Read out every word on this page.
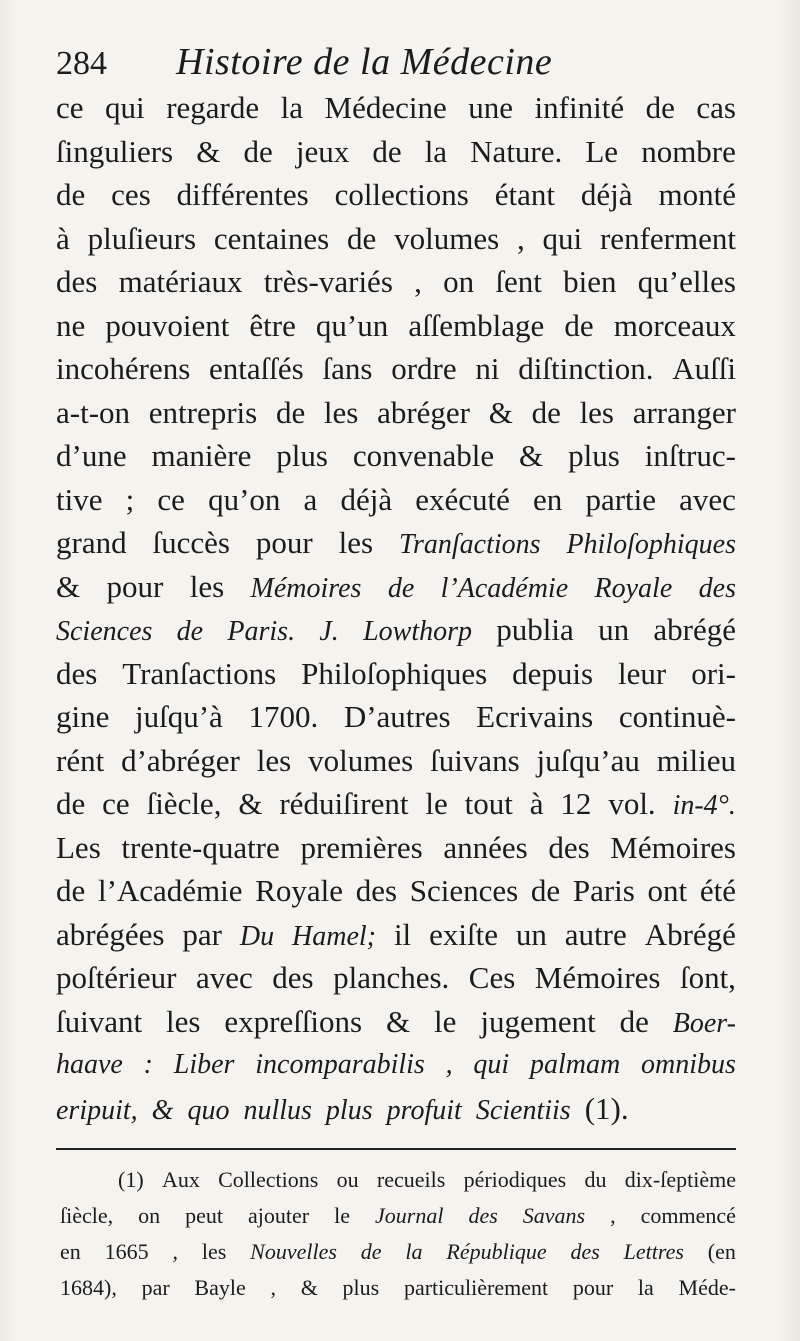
284	Histoire de la Médecine
ce qui regarde la Médecine une infinité de cas
ſinguliers & de jeux de la Nature. Le nombre
de ces différentes collections étant déjà monté
à pluſieurs centaines de volumes , qui renferment
des matériaux très-variés , on ſent bien qu’elles
ne pouvoient être qu’un aſſemblage de morceaux
incohérens entaſſés ſans ordre ni diſtinction. Auſſi
a-t-on entrepris de les abréger & de les arranger
d’une manière plus convenable & plus inſtruc-
tive ; ce qu’on a déjà exécuté en partie avec
grand ſuccès pour les Tranſactions Philoſophiques
& pour les Mémoires de l’Académie Royale des
Sciences de Paris. J. Lowthorp publia un abrégé
des Tranſactions Philoſophiques depuis leur ori-
gine juſqu’à 1700. D’autres Ecrivains continuè-
rént d’abréger les volumes ſuivans juſqu’au milieu
de ce ſiècle, & réduiſirent le tout à 12 vol. in-4°.
Les trente-quatre premières années des Mémoires
de l’Académie Royale des Sciences de Paris ont été
abrégées par Du Hamel; il exiſte un autre Abrégé
poſtérieur avec des planches. Ces Mémoires ſont,
ſuivant les expreſſions & le jugement de Boer-
haave : Liber incomparabilis , qui palmam omnibus
eripuit, & quo nullus plus profuit Scientiis (1).
(1) Aux Collections ou recueils périodiques du dix-ſeptième
ſiècle, on peut ajouter le Journal des Savans , commencé
en 1665 , les Nouvelles de la République des Lettres (en
1684), par Bayle , & plus particulièrement pour la Méde-
